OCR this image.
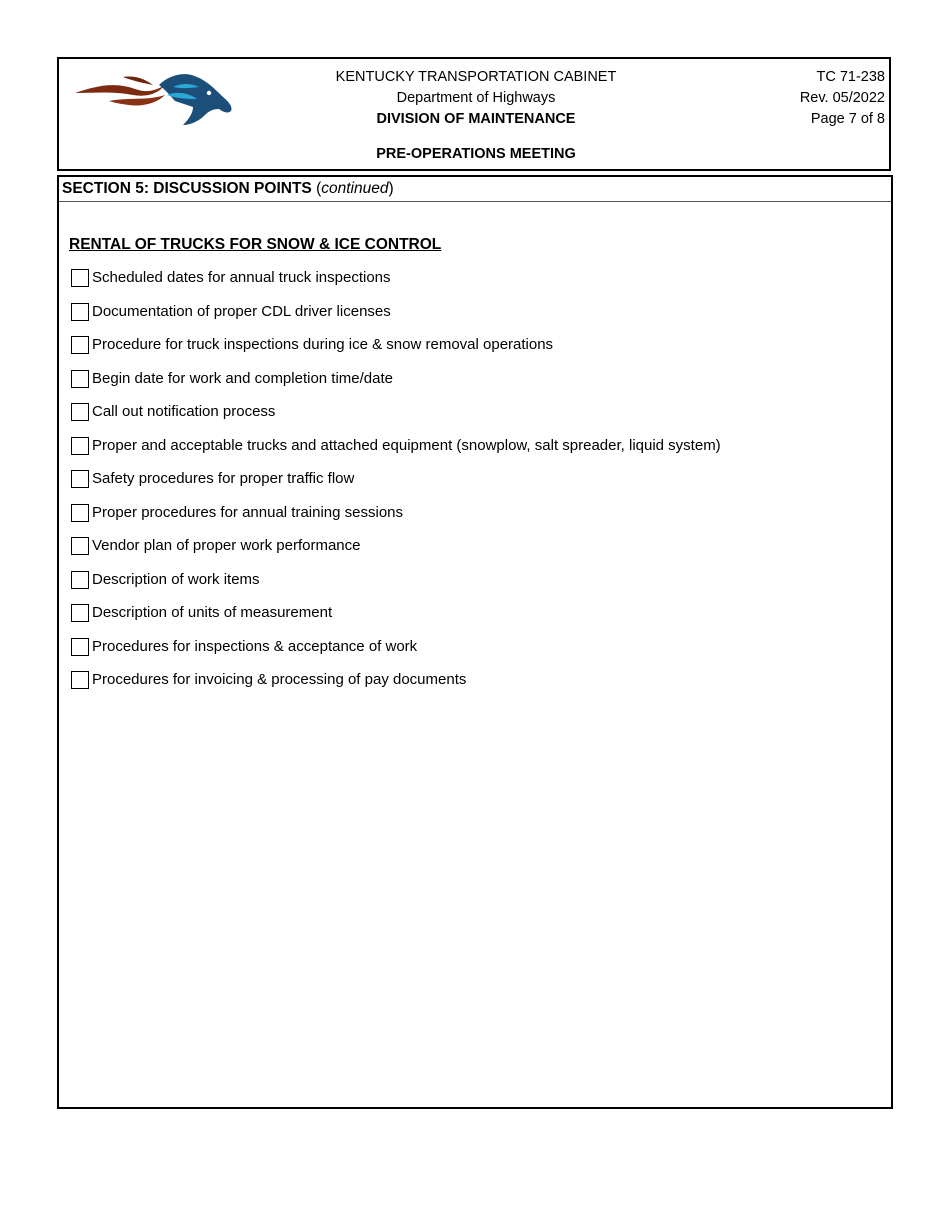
KENTUCKY TRANSPORTATION CABINET
Department of Highways
DIVISION OF MAINTENANCE
TC 71-238
Rev. 05/2022
Page 7 of 8
PRE-OPERATIONS MEETING
SECTION 5: DISCUSSION POINTS (continued)
RENTAL OF TRUCKS FOR SNOW & ICE CONTROL
Scheduled dates for annual truck inspections
Documentation of proper CDL driver licenses
Procedure for truck inspections during ice & snow removal operations
Begin date for work and completion time/date
Call out notification process
Proper and acceptable trucks and attached equipment (snowplow, salt spreader, liquid system)
Safety procedures for proper traffic flow
Proper procedures for annual training sessions
Vendor plan of proper work performance
Description of work items
Description of units of measurement
Procedures for inspections & acceptance of work
Procedures for invoicing & processing of pay documents
